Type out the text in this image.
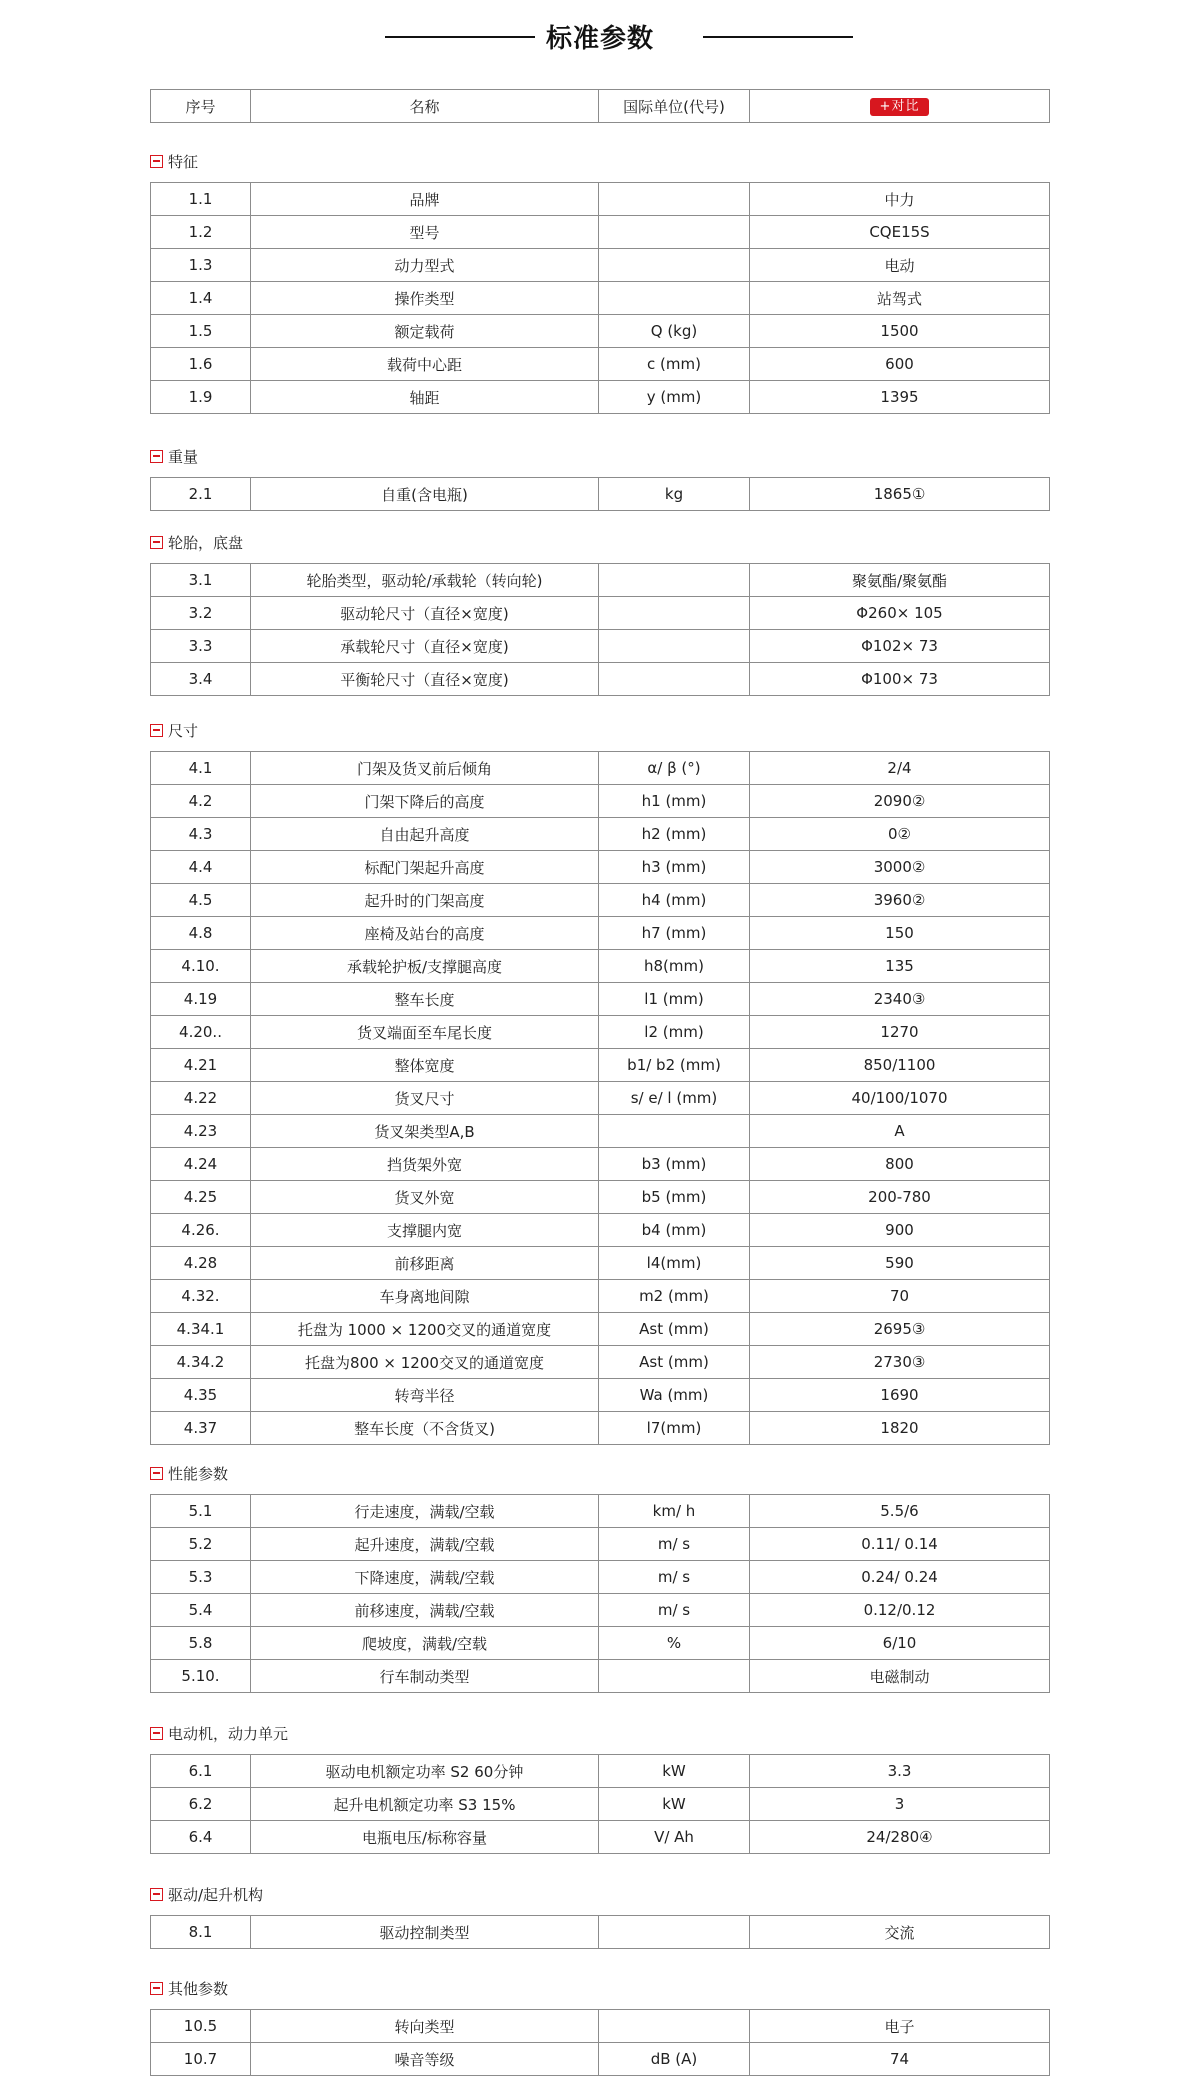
标准参数
序号	名称	国际单位(代号)	+对比
特征
1.1	品牌		中力
1.2	型号		CQE15S
1.3	动力型式		电动
1.4	操作类型		站驾式
1.5	额定载荷	Q (kg)	1500
1.6	载荷中心距	c (mm)	600
1.9	轴距	y (mm)	1395
重量
2.1	自重(含电瓶)	kg	1865①
轮胎，底盘
3.1	轮胎类型，驱动轮/承载轮（转向轮)		聚氨酯/聚氨酯
3.2	驱动轮尺寸（直径×宽度)		Φ260× 105
3.3	承载轮尺寸（直径×宽度)		Φ102× 73
3.4	平衡轮尺寸（直径×宽度)		Φ100× 73
尺寸
4.1	门架及货叉前后倾角	α/ β (°)	2/4
4.2	门架下降后的高度	h1 (mm)	2090②
4.3	自由起升高度	h2 (mm)	0②
4.4	标配门架起升高度	h3 (mm)	3000②
4.5	起升时的门架高度	h4 (mm)	3960②
4.8	座椅及站台的高度	h7 (mm)	150
4.10.	承载轮护板/支撑腿高度	h8(mm)	135
4.19	整车长度	l1 (mm)	2340③
4.20..	货叉端面至车尾长度	l2 (mm)	1270
4.21	整体宽度	b1/ b2 (mm)	850/1100
4.22	货叉尺寸	s/ e/ l (mm)	40/100/1070
4.23	货叉架类型A,B		A
4.24	挡货架外宽	b3 (mm)	800
4.25	货叉外宽	b5 (mm)	200-780
4.26.	支撑腿内宽	b4 (mm)	900
4.28	前移距离	l4(mm)	590
4.32.	车身离地间隙	m2 (mm)	70
4.34.1	托盘为 1000 × 1200交叉的通道宽度	Ast (mm)	2695③
4.34.2	托盘为800 × 1200交叉的通道宽度	Ast (mm)	2730③
4.35	转弯半径	Wa (mm)	1690
4.37	整车长度（不含货叉)	l7(mm)	1820
性能参数
5.1	行走速度，满载/空载	km/ h	5.5/6
5.2	起升速度，满载/空载	m/ s	0.11/ 0.14
5.3	下降速度，满载/空载	m/ s	0.24/ 0.24
5.4	前移速度，满载/空载	m/ s	0.12/0.12
5.8	爬坡度，满载/空载	%	6/10
5.10.	行车制动类型		电磁制动
电动机，动力单元
6.1	驱动电机额定功率 S2 60分钟	kW	3.3
6.2	起升电机额定功率 S3 15%	kW	3
6.4	电瓶电压/标称容量	V/ Ah	24/280④
驱动/起升机构
8.1	驱动控制类型		交流
其他参数
10.5	转向类型		电子
10.7	噪音等级	dB (A)	74
